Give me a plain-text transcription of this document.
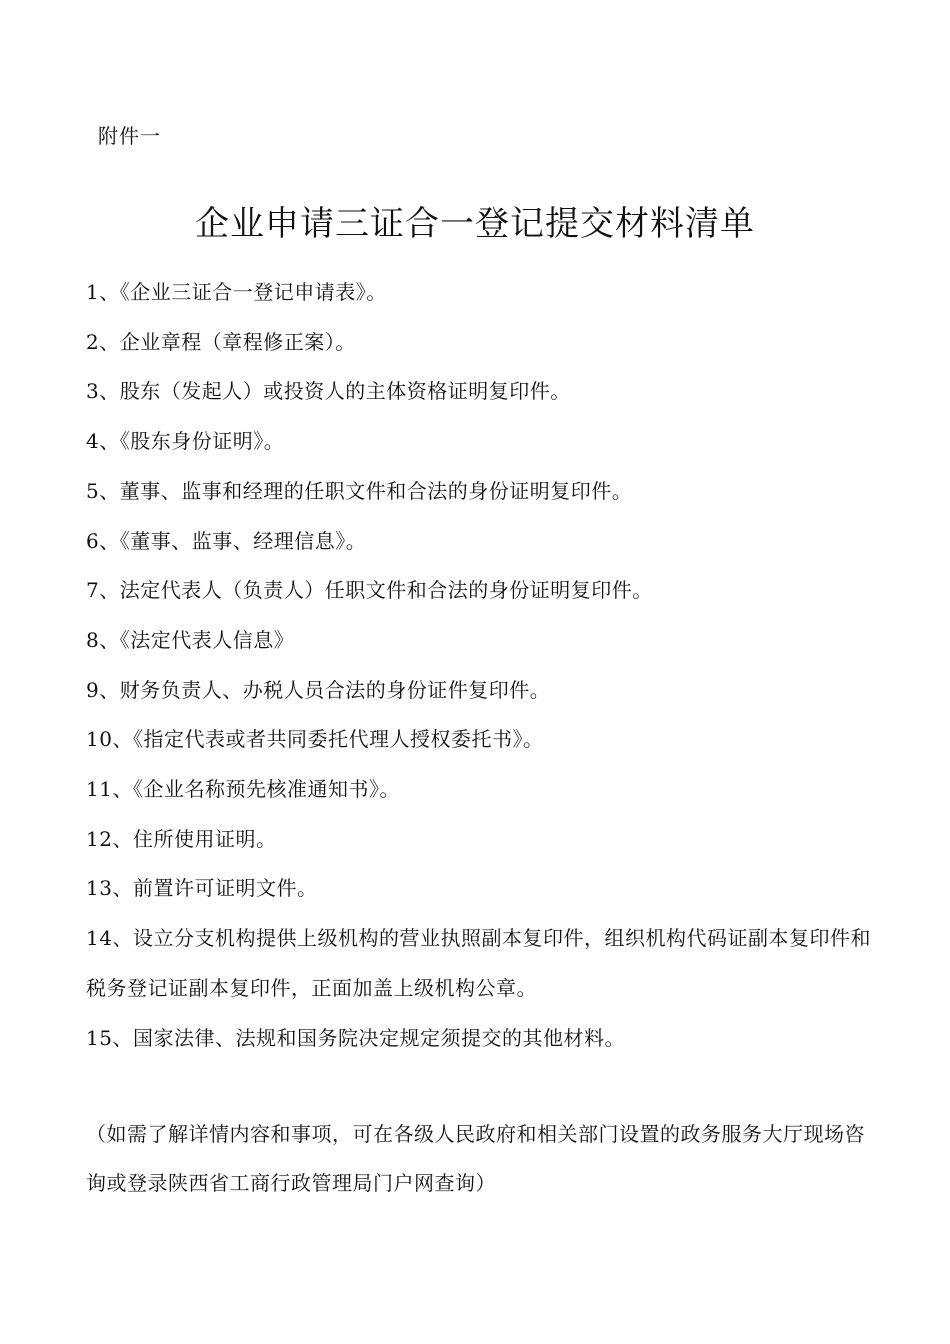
附件一
企业申请三证合一登记提交材料清单
1、《企业三证合一登记申请表》。
2、企业章程（章程修正案）。
3、股东（发起人）或投资人的主体资格证明复印件。
4、《股东身份证明》。
5、董事、监事和经理的任职文件和合法的身份证明复印件。
6、《董事、监事、经理信息》。
7、法定代表人（负责人）任职文件和合法的身份证明复印件。
8、《法定代表人信息》
9、财务负责人、办税人员合法的身份证件复印件。
10、《指定代表或者共同委托代理人授权委托书》。
11、《企业名称预先核准通知书》。
12、住所使用证明。
13、前置许可证明文件。
14、设立分支机构提供上级机构的营业执照副本复印件，组织机构代码证副本复印件和税务登记证副本复印件，正面加盖上级机构公章。
15、国家法律、法规和国务院决定规定须提交的其他材料。
（如需了解详情内容和事项，可在各级人民政府和相关部门设置的政务服务大厅现场咨询或登录陕西省工商行政管理局门户网查询）
